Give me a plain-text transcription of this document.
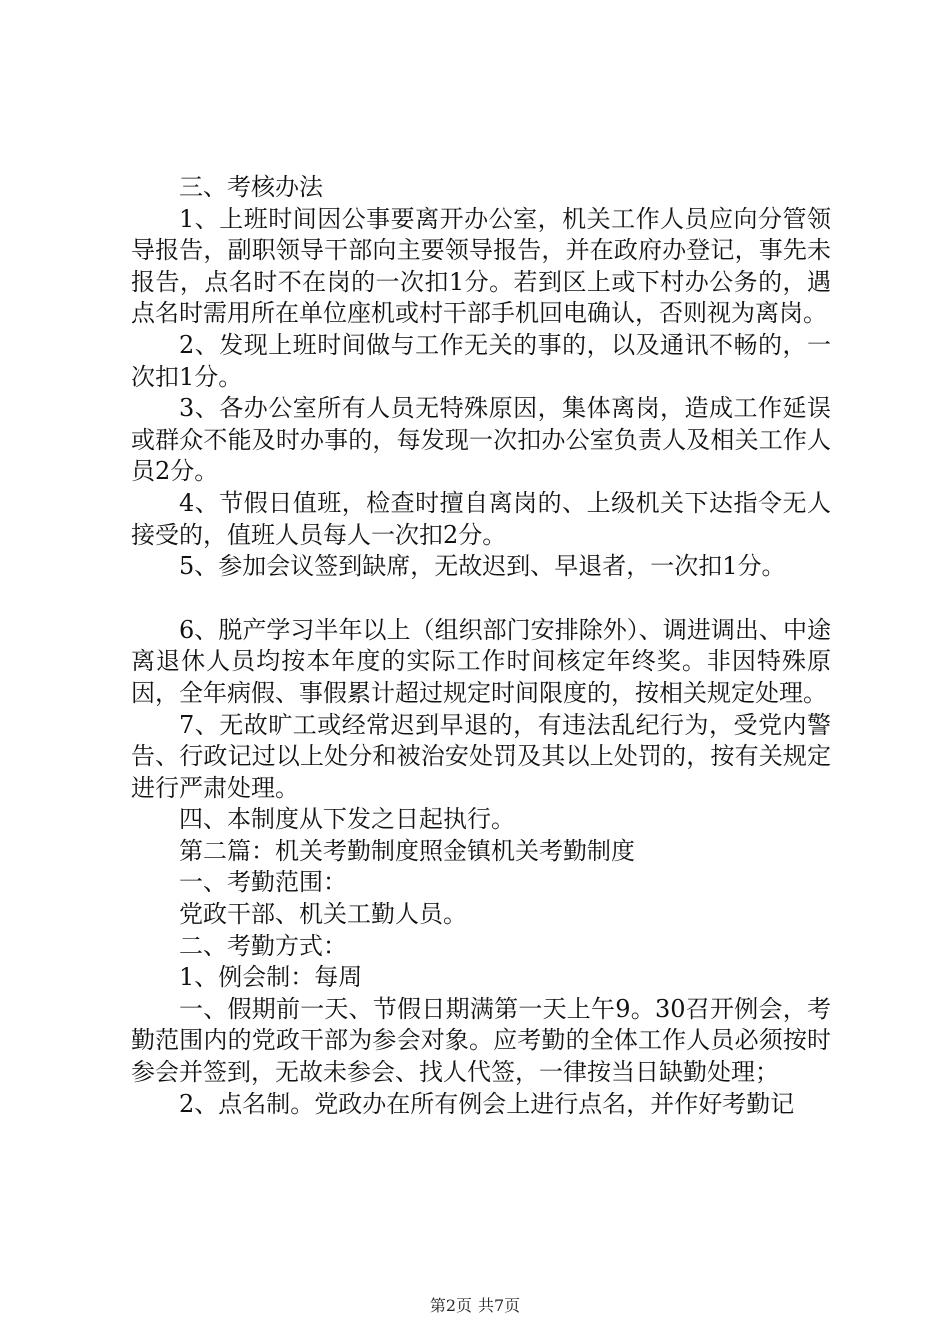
三、考核办法

1、上班时间因公事要离开办公室，机关工作人员应向分管领导报告，副职领导干部向主要领导报告，并在政府办登记，事先未报告，点名时不在岗的一次扣1分。若到区上或下村办公务的，遇点名时需用所在单位座机或村干部手机回电确认，否则视为离岗。

2、发现上班时间做与工作无关的事的，以及通讯不畅的，一次扣1分。

3、各办公室所有人员无特殊原因，集体离岗，造成工作延误或群众不能及时办事的，每发现一次扣办公室负责人及相关工作人员2分。

4、节假日值班，检查时擅自离岗的、上级机关下达指令无人接受的，值班人员每人一次扣2分。

5、参加会议签到缺席，无故迟到、早退者，一次扣1分。

6、脱产学习半年以上（组织部门安排除外）、调进调出、中途离退休人员均按本年度的实际工作时间核定年终奖。非因特殊原因，全年病假、事假累计超过规定时间限度的，按相关规定处理。

7、无故旷工或经常迟到早退的，有违法乱纪行为，受党内警告、行政记过以上处分和被治安处罚及其以上处罚的，按有关规定进行严肃处理。

四、本制度从下发之日起执行。

第二篇：机关考勤制度照金镇机关考勤制度

一、考勤范围：

党政干部、机关工勤人员。

二、考勤方式：

1、例会制：每周

一、假期前一天、节假日期满第一天上午9。30召开例会，考勤范围内的党政干部为参会对象。应考勤的全体工作人员必须按时参会并签到，无故未参会、找人代签，一律按当日缺勤处理；

2、点名制。党政办在所有例会上进行点名，并作好考勤记

第2页 共7页
